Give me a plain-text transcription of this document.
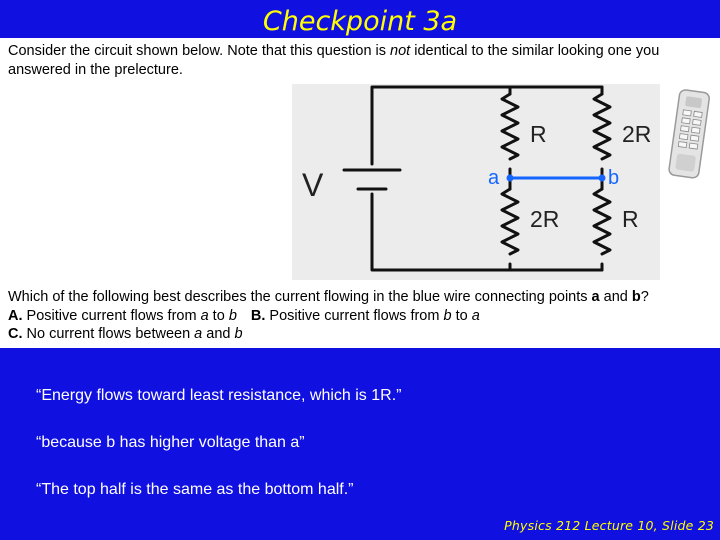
Checkpoint 3a
Consider the circuit shown below. Note that this question is not identical to the similar looking one you answered in the prelecture.
V
R	2R
2R	R
a	b
Which of the following best describes the current flowing in the blue wire connecting points a and b?
A. Positive current flows from a to b B. Positive current flows from b to a
C. No current flows between a and b

“Energy flows toward least resistance, which is 1R.”

“because b has higher voltage than a”

“The top half is the same as the bottom half.”

Physics 212 Lecture 10, Slide 23
